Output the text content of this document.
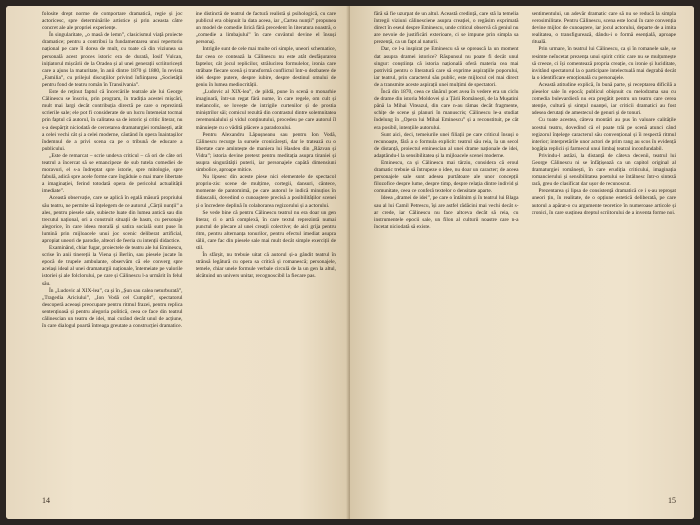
folosite drept norme de comportare dramatică, regie și joc actoricesc, spre determinările artistice și prin aceasta către concret ale ale propriei experiențe.

În singularitate, „o masă de lemn”, clasicismul viață proiecte dramatice; pentru a contribui la fundamentarea unui repertoriu național pe care îl dorea de mult, cu toate că din viziunea sa personală acest proces istoric era de durată, Iosif Vulcan, inițiatorul mișcării de la Oradea și al unei generații scriitoricești care a ajuns la maturitate, în anii dintre 1870 și 1880, în revista „Familia”, cu prilejul discuțiilor privind înființarea „Societății pentru fond de teatru român în Transilvania”.

Este de reținut faptul că încercările teatrale ale lui George Călinescu se înscriu, prin program, în tradiția acestei mișcări, mult mai largi decât contribuția directă pe care o reprezintă scrierile sale; ele pot fi considerate de un lucru întemeiat tocmai prin faptul că autorul, în calitatea sa de istoric și critic literar, nu s-a despărțit niciodată de cercetarea dramaturgiei românești, atât a celei vechi cât și a celei moderne, căutând în opera înaintașilor îndemnul de a privi scena ca pe o tribună de educare a publicului.

„Este de remarcat – scrie undeva criticul – că ori de câte ori teatrul a încercat să se emancipeze de sub tutela comediei de moravuri, el s-a îndreptat spre istorie, spre mitologie, spre fabulă, adică spre acele forme care îngăduie o mai mare libertate a imaginației, ferind totodată opera de pericolul actualității imediate”.

Această observație, care se aplică în egală măsură propriului său teatru, ne permite să înțelegem de ce autorul „Cărții nunții” a ales, pentru piesele sale, subiecte luate din lumea antică sau din trecutul național, ori a construit situații de basm, cu personaje alegorice, în care ideea morală și satira socială sunt puse în lumină prin mijloacele unui joc scenic deliberat artificial, apropiat uneori de parodie, alteori de feeria cu intenții didactice.

Examinând, chiar fugar, proiectele de teatru ale lui Eminescu, scrise în anii tinereții la Viena și Berlin, sau piesele jucate în epocă de trupele ambulante, observăm că ele converg spre același ideal al unei dramaturgii naționale, întemeiate pe valorile istoriei și ale folclorului, pe care și Călinescu l-a urmărit în felul său.

În „Ludovic al XIX-lea”, ca și în „Șun sau calea neturburată”, „Tragedia Ariciului”, „Ion Vodă cel Cumplit”, spectatorul descoperă aceeași preocupare pentru ritmul frazei, pentru replica sentențioasă și pentru alegoria politică, ceea ce face din teatrul călinescian un teatru de idei, mai curând decât unul de acțiune, în care dialogul poartă întreaga greutate a construcției dramatice.

ine distinctă de teatrul de factură realistă și psihologică, cu care publicul era obișnuit la data aceea, iar „Cartea nunții” propunea un model de comedie lirică fără precedent în literatura noastră, o „comedie a limbajului” în care cuvântul devine el însuși personaj.

Intrigile sunt de cele mai multe ori simple, uneori schematice, dar ceea ce contează la Călinescu nu este atât desfășurarea faptelor, cât jocul replicilor, strălucirea formulelor, ironia care străbate fiecare scenă și transformă conflictul într-o dezbatere de idei despre putere, despre iubire, despre destinul omului de geniu în lumea mediocrității.

„Ludovic al XIX-lea”, de pildă, pune în scenă o monarhie imaginară, într-un regat fără nume, în care regele, om cult și melancolic, se lovește de intrigile curtenilor și de prostia miniștrilor săi; comicul rezultă din contrastul dintre solemnitatea ceremonialului și vidul conținutului, procedeu pe care autorul îl mânuiește cu o vădită plăcere a paradoxului.

Pentru Alexandru Lăpușneanu sau pentru Ion Vodă, Călinescu recurge la sursele cronicărești, dar le tratează cu o libertate care amintește de maniera lui Hasdeu din „Răzvan și Vidra”; istoria devine pretext pentru meditația asupra tiraniei și asupra singurătății puterii, iar personajele capătă dimensiuni simbolice, aproape mitice.

Nu lipsesc din aceste piese nici elementele de spectacol propriu-zis: scene de mulțime, cortegii, dansuri, cântece, momente de pantomimă, pe care autorul le indică minuțios în didascalii, dovedind o cunoaștere precisă a posibilităților scenei și o încredere deplină în colaborarea regizorului și a actorului.

Se vede bine că pentru Călinescu teatrul nu era doar un gen literar, ci o artă complexă, în care textul reprezintă numai punctul de plecare al unei creații colective; de aici grija pentru ritm, pentru alternanța tonurilor, pentru efectul imediat asupra sălii, care fac din piesele sale mai mult decât simple exerciții de stil.

În sfârșit, nu trebuie uitat că autorul și-a gândit teatrul în strânsă legătură cu opera sa critică și romanescă; personajele, temele, chiar unele formule verbale circulă de la un gen la altul, alcătuind un univers unitar, recognoscibil la fiecare pas.

14

fără să fie uzurpat de un altul. Această credință, care stă la temelia întregii viziuni călinesciene asupra creației, o regăsim exprimată direct în eseul despre Eminescu, unde criticul observă că geniul nu are nevoie de justificări exterioare, ci se impune prin simpla sa prezență, ca un fapt al naturii.

Dar, ce l-a inspirat pe Eminescu să se oprească la un moment dat asupra dramei istorice? Răspunsul nu poate fi decât unul singur: conștiința că istoria națională oferă materia cea mai potrivită pentru o literatură care să exprime aspirațiile poporului, iar teatrul, prin caracterul său public, este mijlocul cel mai direct de a transmite aceste aspirații unei mulțimi de spectatori.

Încă din 1870, ceea ce tânărul poet avea în vedere era un ciclu de drame din istoria Moldovei și a Țării Românești, de la Mușatini până la Mihai Viteazul, din care n-au rămas decât fragmente, schițe de scene și planuri în manuscris; Călinescu le-a studiat îndelung în „Opera lui Mihai Eminescu” și a reconstituit, pe cât era posibil, intențiile autorului.

Sunt aici, deci, temeiurile unei filiații pe care criticul însuși o recunoaște, fără a o formula explicit: teatrul său reia, la un secol de distanță, proiectul eminescian al unei drame naționale de idei, adaptându-l la sensibilitatea și la mijloacele scenei moderne.

Eminescu, ca și Călinescu mai târziu, considera că eroul dramatic trebuie să întrupeze o idee, nu doar un caracter; de aceea personajele sale sunt adesea purtătoare ale unor concepții filozofice despre lume, despre timp, despre relația dintre individ și comunitate, ceea ce conferă textelor o densitate aparte.

Ideea „dramei de idei”, pe care o întâlnim și în teatrul lui Blaga sau al lui Camil Petrescu, își are astfel rădăcini mai vechi decât s-ar crede, iar Călinescu nu face altceva decât să reia, cu instrumentele epocii sale, un filon al culturii noastre care n-a încetat niciodată să existe.

sentimentului, un adevăr dramatic care să nu se reducă la simpla verosimilitate. Pentru Călinescu, scena este locul în care convenția devine mijloc de cunoaștere, iar jocul actorului, departe de a imita realitatea, o transfigurează, dându-i o formă esențială, aproape rituală.

Prin urmare, în teatrul lui Călinescu, ca și în romanele sale, se resimte neîncetat prezența unui spirit critic care nu se mulțumește să creeze, ci își comentează propria creație, cu ironie și luciditate, invitând spectatorul la o participare intelectuală mai degrabă decât la o identificare emoțională cu personajele.

Această atitudine explică, în bună parte, și receptarea dificilă a pieselor sale în epocă; publicul obișnuit cu melodrama sau cu comedia bulevardieră nu era pregătit pentru un teatru care cerea atenție, cultură și simțul nuanței, iar criticii dramatici au fost adesea derutați de amestecul de genuri și de tonuri.

Cu toate acestea, câteva montări au pus în valoare calitățile acestui teatru, dovedind că el poate trăi pe scenă atunci când regizorul înțelege caracterul său convențional și îi respectă ritmul interior; interpretările unor actori de prim rang au scos în evidență bogăția replicii și farmecul unui limbaj teatral inconfundabil.

Privindu-l astăzi, la distanță de câteva decenii, teatrul lui George Călinescu ni se înfățișează ca un capitol original al dramaturgiei românești, în care erudiția criticului, imaginația romancierului și sensibilitatea poetului se întâlnesc într-o sinteză rară, greu de clasificat dar ușor de recunoscut.

Prezentarea și lipsa de consistență dramatică ce i s-au reproșat uneori țin, în realitate, de o opțiune estetică deliberată, pe care autorul a apărat-o cu argumente teoretice în numeroase articole și cronici, în care susținea dreptul scriitorului de a inventa forme noi.

15
